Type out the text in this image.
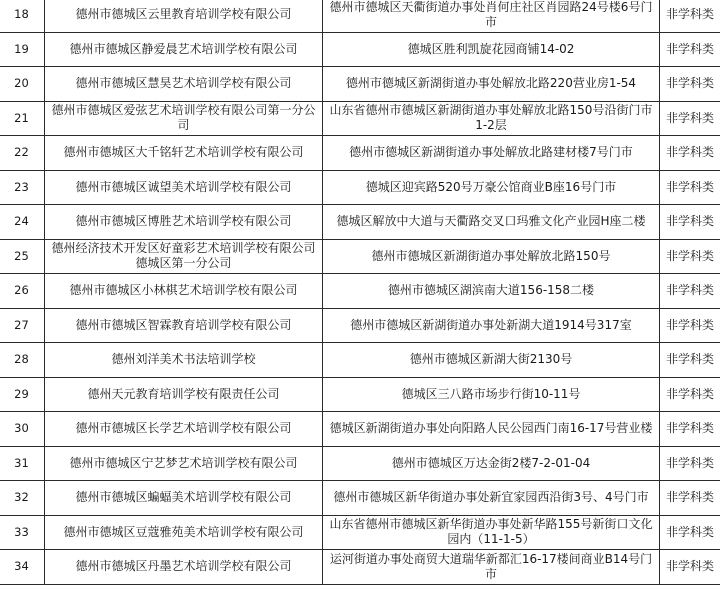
18	德州市德城区云里教育培训学校有限公司	德州市德城区天衢街道办事处肖何庄社区肖园路24号楼6号门市	非学科类
19	德州市德城区静爱晨艺术培训学校有限公司	德城区胜利凯旋花园商铺14-02	非学科类
20	德州市德城区慧昊艺术培训学校有限公司	德州市德城区新湖街道办事处解放北路220营业房1-54	非学科类
21	德州市德城区爱弦艺术培训学校有限公司第一分公司	山东省德州市德城区新湖街道办事处解放北路150号沿街门市1-2层	非学科类
22	德州市德城区大千铭轩艺术培训学校有限公司	德州市德城区新湖街道办事处解放北路建材楼7号门市	非学科类
23	德州市德城区诚望美术培训学校有限公司	德城区迎宾路520号万豪公馆商业B座16号门市	非学科类
24	德州市德城区博胜艺术培训学校有限公司	德城区解放中大道与天衢路交叉口玛雅文化产业园H座二楼	非学科类
25	德州经济技术开发区好童彩艺术培训学校有限公司德城区第一分公司	德州市德城区新湖街道办事处解放北路150号	非学科类
26	德州市德城区小林棋艺术培训学校有限公司	德州市德城区湖滨南大道156-158二楼	非学科类
27	德州市德城区智霖教育培训学校有限公司	德州市德城区新湖街道办事处新湖大道1914号317室	非学科类
28	德州刘洋美术书法培训学校	德州市德城区新湖大街2130号	非学科类
29	德州天元教育培训学校有限责任公司	德城区三八路市场步行街10-11号	非学科类
30	德州市德城区长学艺术培训学校有限公司	德城区新湖街道办事处向阳路人民公园西门南16-17号营业楼	非学科类
31	德州市德城区宁艺梦艺术培训学校有限公司	德州市德城区万达金街2楼7-2-01-04	非学科类
32	德州市德城区蝙蝠美术培训学校有限公司	德州市德城区新华街道办事处新宜家园西沿街3号、4号门市	非学科类
33	德州市德城区豆蔻雅苑美术培训学校有限公司	山东省德州市德城区新华街道办事处新华路155号新街口文化园内（11-1-5）	非学科类
34	德州市德城区丹墨艺术培训学校有限公司	运河街道办事处商贸大道瑞华新都汇16-17楼间商业B14号门市	非学科类
